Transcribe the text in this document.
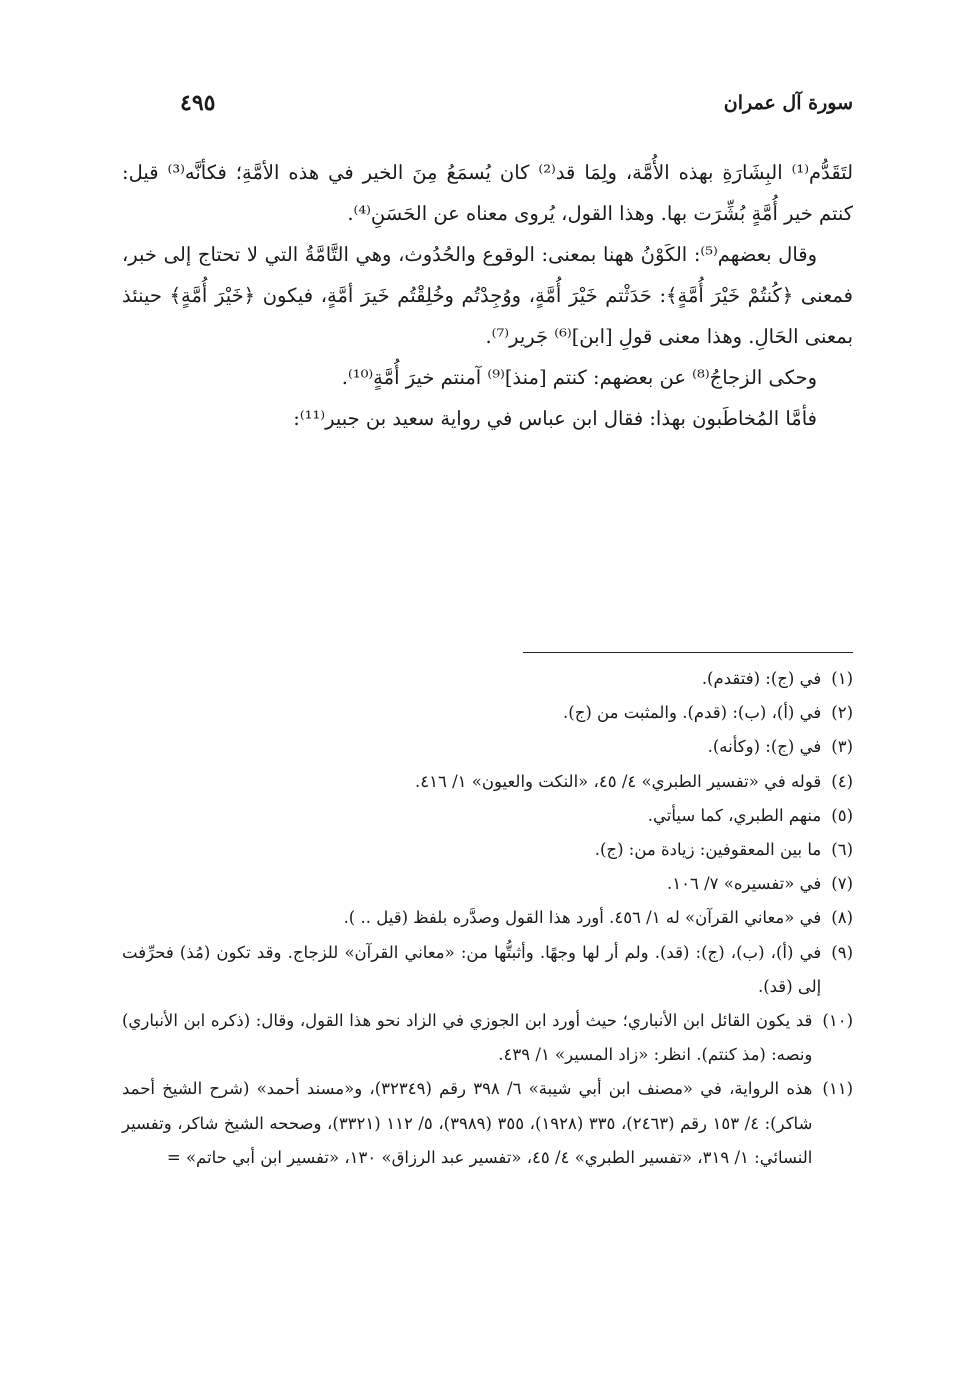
سورة آل عمران
٤٩٥

لتَقَدُّم⁽¹⁾ البِشَارَةِ بهذه الأُمَّة، ولِمَا قد⁽²⁾ كان يُسمَعُ مِنَ الخير في هذه الأمَّةِ؛ فكأنَّه⁽³⁾ قيل: كنتم خير أُمَّةٍ بُشِّرَت بها. وهذا القول، يُروى معناه عن الحَسَنِ⁽⁴⁾.

وقال بعضهم⁽⁵⁾: الكَوْنُ ههنا بمعنى: الوقوع والحُدُوث، وهي التَّامَّةُ التي لا تحتاج إلى خبر، فمعنى ﴿كُنتُمْ خَيْرَ أُمَّةٍ﴾: حَدَثْتم خَيْرَ أُمَّةٍ، ووُجِدْتُم وخُلِقْتُم خَيرَ أمَّةٍ، فيكون ﴿خَيْرَ أُمَّةٍ﴾ حينئذ بمعنى الحَالِ. وهذا معنى قولِ [ابن]⁽⁶⁾ جَرير⁽⁷⁾.

وحكى الزجاجُ⁽⁸⁾ عن بعضهم: كنتم [منذ]⁽⁹⁾ آمنتم خيرَ أُمَّةٍ⁽¹⁰⁾.

فأمَّا المُخاطَبون بهذا: فقال ابن عباس في رواية سعيد بن جبير⁽¹¹⁾:

(١)
في (ج): (فتقدم).
(٢)
في (أ)، (ب): (قدم). والمثبت من (ج).
(٣)
في (ج): (وكأنه).
(٤)
قوله في «تفسير الطبري» ٤/ ٤٥، «النكت والعيون» ١/ ٤١٦.
(٥)
منهم الطبري، كما سيأتي.
(٦)
ما بين المعقوفين: زيادة من: (ج).
(٧)
في «تفسيره» ٧/ ١٠٦.
(٨)
في «معاني القرآن» له ١/ ٤٥٦. أورد هذا القول وصدَّره بلفظ (قيل .. ).
(٩)
في (أ)، (ب)، (ج): (قد). ولم أر لها وجهًا. وأثبتُّها من: «معاني القرآن» للزجاج. وقد تكون (مُذ) فحرِّفت إلى (قد).
(١٠)
قد يكون القائل ابن الأنباري؛ حيث أورد ابن الجوزي في الزاد نحو هذا القول، وقال: (ذكره ابن الأنباري) ونصه: (مذ كنتم). انظر: «زاد المسير» ١/ ٤٣٩.
(١١)
هذه الرواية، في «مصنف ابن أبي شيبة» ٦/ ٣٩٨ رقم (٣٢٣٤٩)، و«مسند أحمد» (شرح الشيخ أحمد شاكر): ٤/ ١٥٣ رقم (٢٤٦٣)، ٣٣٥ (١٩٢٨)، ٣٥٥ (٣٩٨٩)، ٥/ ١١٢ (٣٣٢١)، وصححه الشيخ شاكر، وتفسير النسائي: ١/ ٣١٩، «تفسير الطبري» ٤/ ٤٥، «تفسير عبد الرزاق» ١٣٠، «تفسير ابن أبي حاتم» =
